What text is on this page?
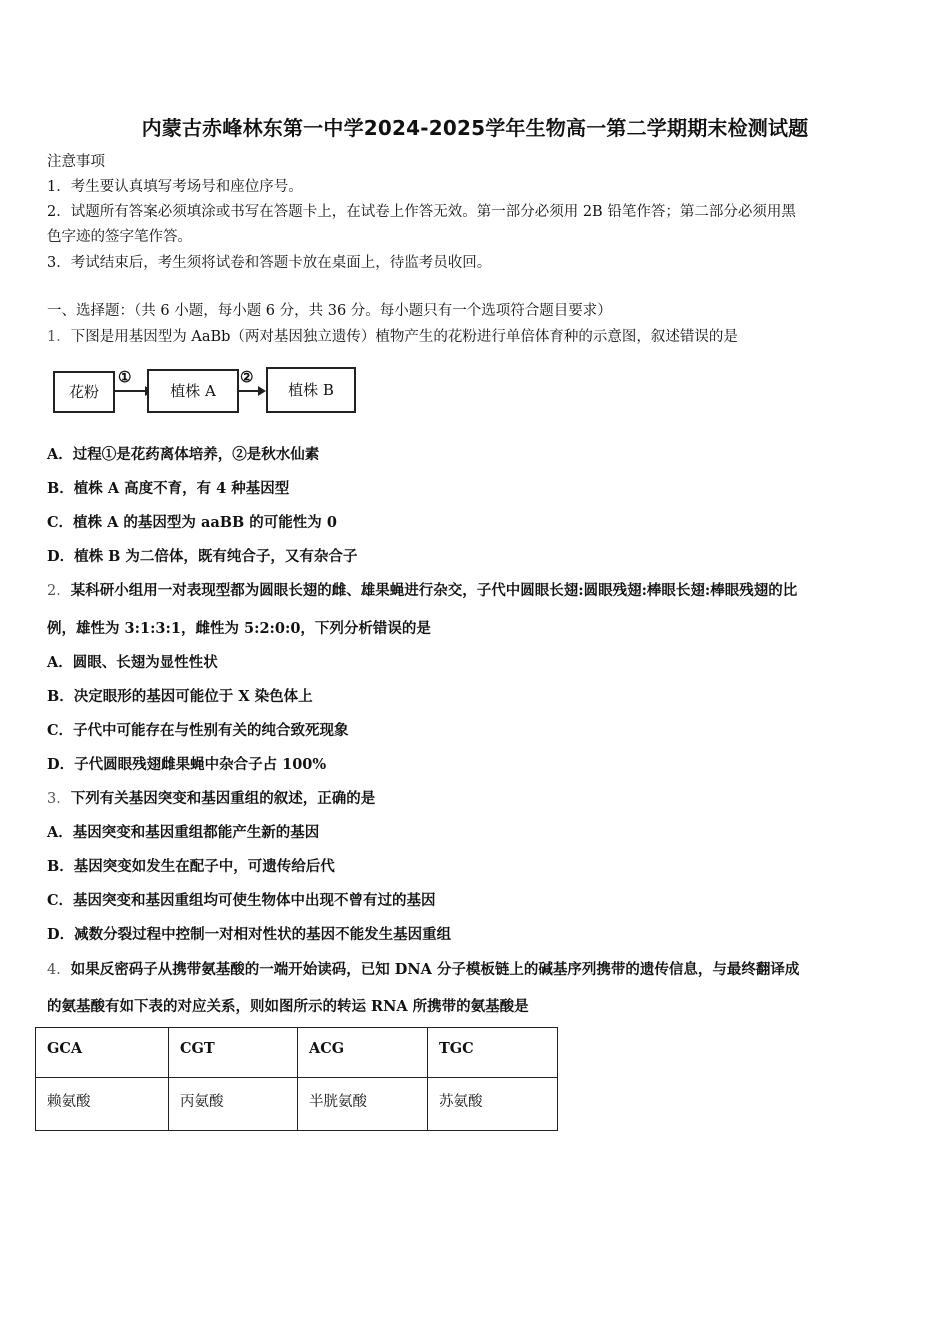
内蒙古赤峰林东第一中学2024-2025学年生物高一第二学期期末检测试题
注意事项
1．考生要认真填写考场号和座位序号。
2．试题所有答案必须填涂或书写在答题卡上，在试卷上作答无效。第一部分必须用 2B 铅笔作答；第二部分必须用黑
色字迹的签字笔作答。
3．考试结束后，考生须将试卷和答题卡放在桌面上，待监考员收回。
一、选择题：（共 6 小题，每小题 6 分，共 36 分。每小题只有一个选项符合题目要求）
1．下图是用基因型为 AaBb（两对基因独立遗传）植物产生的花粉进行单倍体育种的示意图，叙述错误的是
花粉
①
植株 A
②
植株 B
A．过程①是花药离体培养，②是秋水仙素
B．植株 A 高度不育，有 4 种基因型
C．植株 A 的基因型为 aaBB 的可能性为 0
D．植株 B 为二倍体，既有纯合子，又有杂合子
2．某科研小组用一对表现型都为圆眼长翅的雌、雄果蝇进行杂交，子代中圆眼长翅:圆眼残翅:棒眼长翅:棒眼残翅的比
例，雄性为 3:1:3:1，雌性为 5:2:0:0，下列分析错误的是
A．圆眼、长翅为显性性状
B．决定眼形的基因可能位于 X 染色体上
C．子代中可能存在与性别有关的纯合致死现象
D．子代圆眼残翅雌果蝇中杂合子占 100%
3．下列有关基因突变和基因重组的叙述，正确的是
A．基因突变和基因重组都能产生新的基因
B．基因突变如发生在配子中，可遗传给后代
C．基因突变和基因重组均可使生物体中出现不曾有过的基因
D．减数分裂过程中控制一对相对性状的基因不能发生基因重组
4．如果反密码子从携带氨基酸的一端开始读码，已知 DNA 分子模板链上的碱基序列携带的遗传信息，与最终翻译成
的氨基酸有如下表的对应关系，则如图所示的转运 RNA 所携带的氨基酸是
GCA	CGT	ACG	TGC
赖氨酸	丙氨酸	半胱氨酸	苏氨酸
